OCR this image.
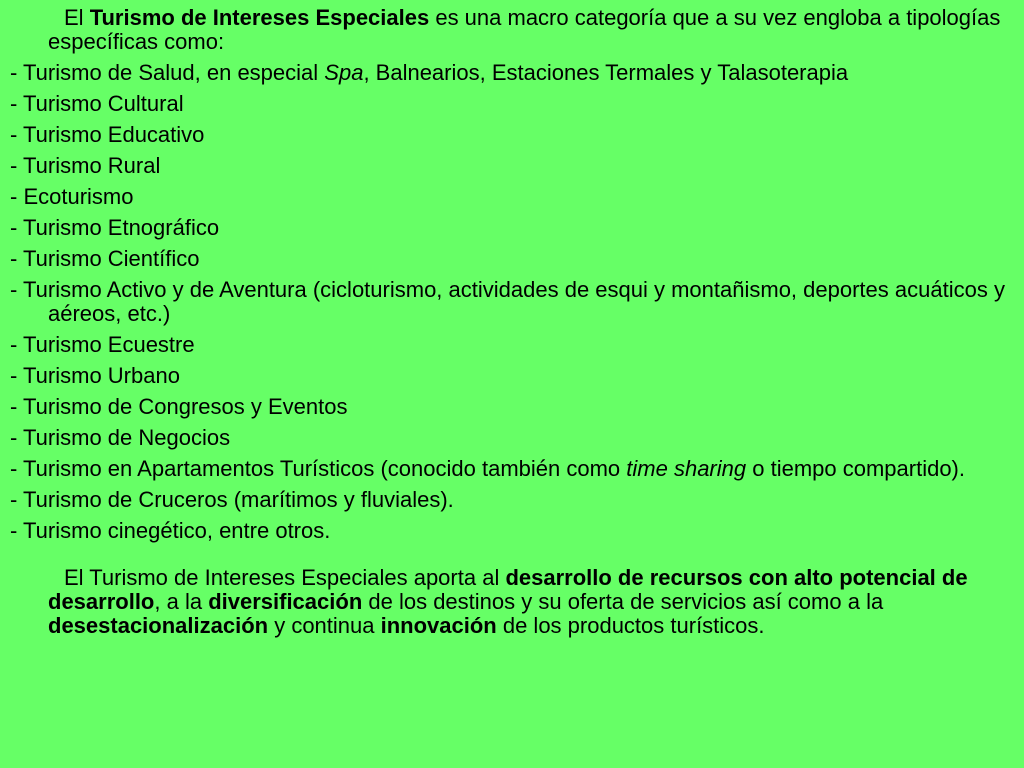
El Turismo de Intereses Especiales es una macro categoría que a su vez engloba a tipologías específicas como:

- Turismo de Salud, en especial Spa, Balnearios, Estaciones Termales y Talasoterapia
- Turismo Cultural
- Turismo Educativo
- Turismo Rural
- Ecoturismo
- Turismo Etnográfico
- Turismo Científico
- Turismo Activo y de Aventura (cicloturismo, actividades de esqui y montañismo, deportes acuáticos y aéreos, etc.)
- Turismo Ecuestre
- Turismo Urbano
- Turismo de Congresos y Eventos
- Turismo de Negocios
- Turismo en Apartamentos Turísticos (conocido también como time sharing o tiempo compartido).
- Turismo de Cruceros (marítimos y fluviales).
- Turismo cinegético, entre otros.

El Turismo de Intereses Especiales aporta al desarrollo de recursos con alto potencial de desarrollo, a la diversificación de los destinos y su oferta de servicios así como a la desestacionalización y continua innovación de los productos turísticos.
